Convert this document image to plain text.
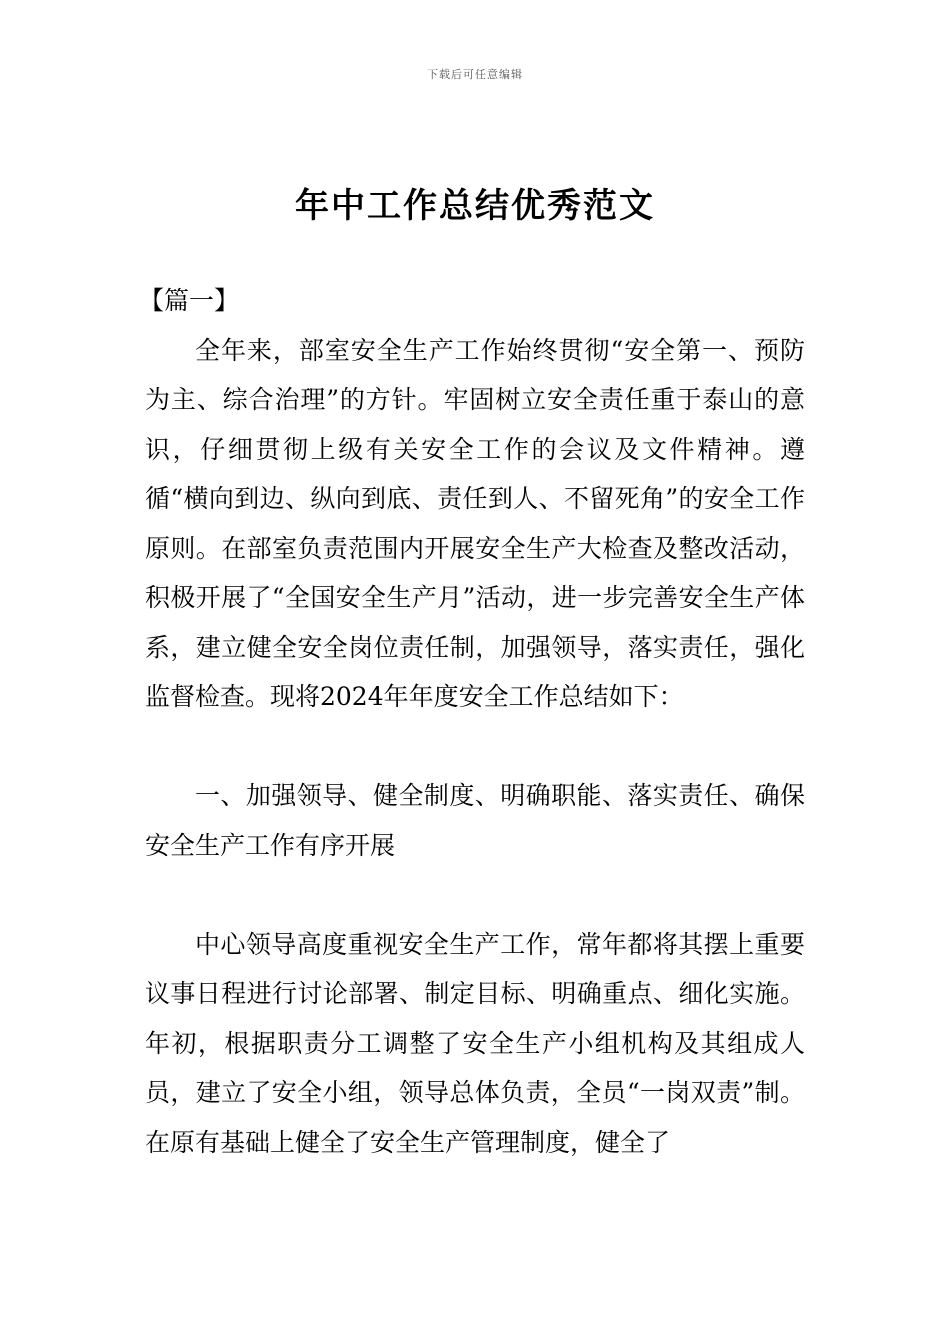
下载后可任意编辑
年中工作总结优秀范文

【篇一】

全年来，部室安全生产工作始终贯彻“安全第一、预防为主、综合治理”的方针。牢固树立安全责任重于泰山的意识，仔细贯彻上级有关安全工作的会议及文件精神。遵循“横向到边、纵向到底、责任到人、不留死角”的安全工作原则。在部室负责范围内开展安全生产大检查及整改活动，积极开展了“全国安全生产月”活动，进一步完善安全生产体系，建立健全安全岗位责任制，加强领导，落实责任，强化监督检查。现将2024年年度安全工作总结如下：

一、加强领导、健全制度、明确职能、落实责任、确保安全生产工作有序开展

中心领导高度重视安全生产工作，常年都将其摆上重要议事日程进行讨论部署、制定目标、明确重点、细化实施。年初，根据职责分工调整了安全生产小组机构及其组成人员，建立了安全小组，领导总体负责，全员“一岗双责”制。在原有基础上健全了安全生产管理制度，健全了
